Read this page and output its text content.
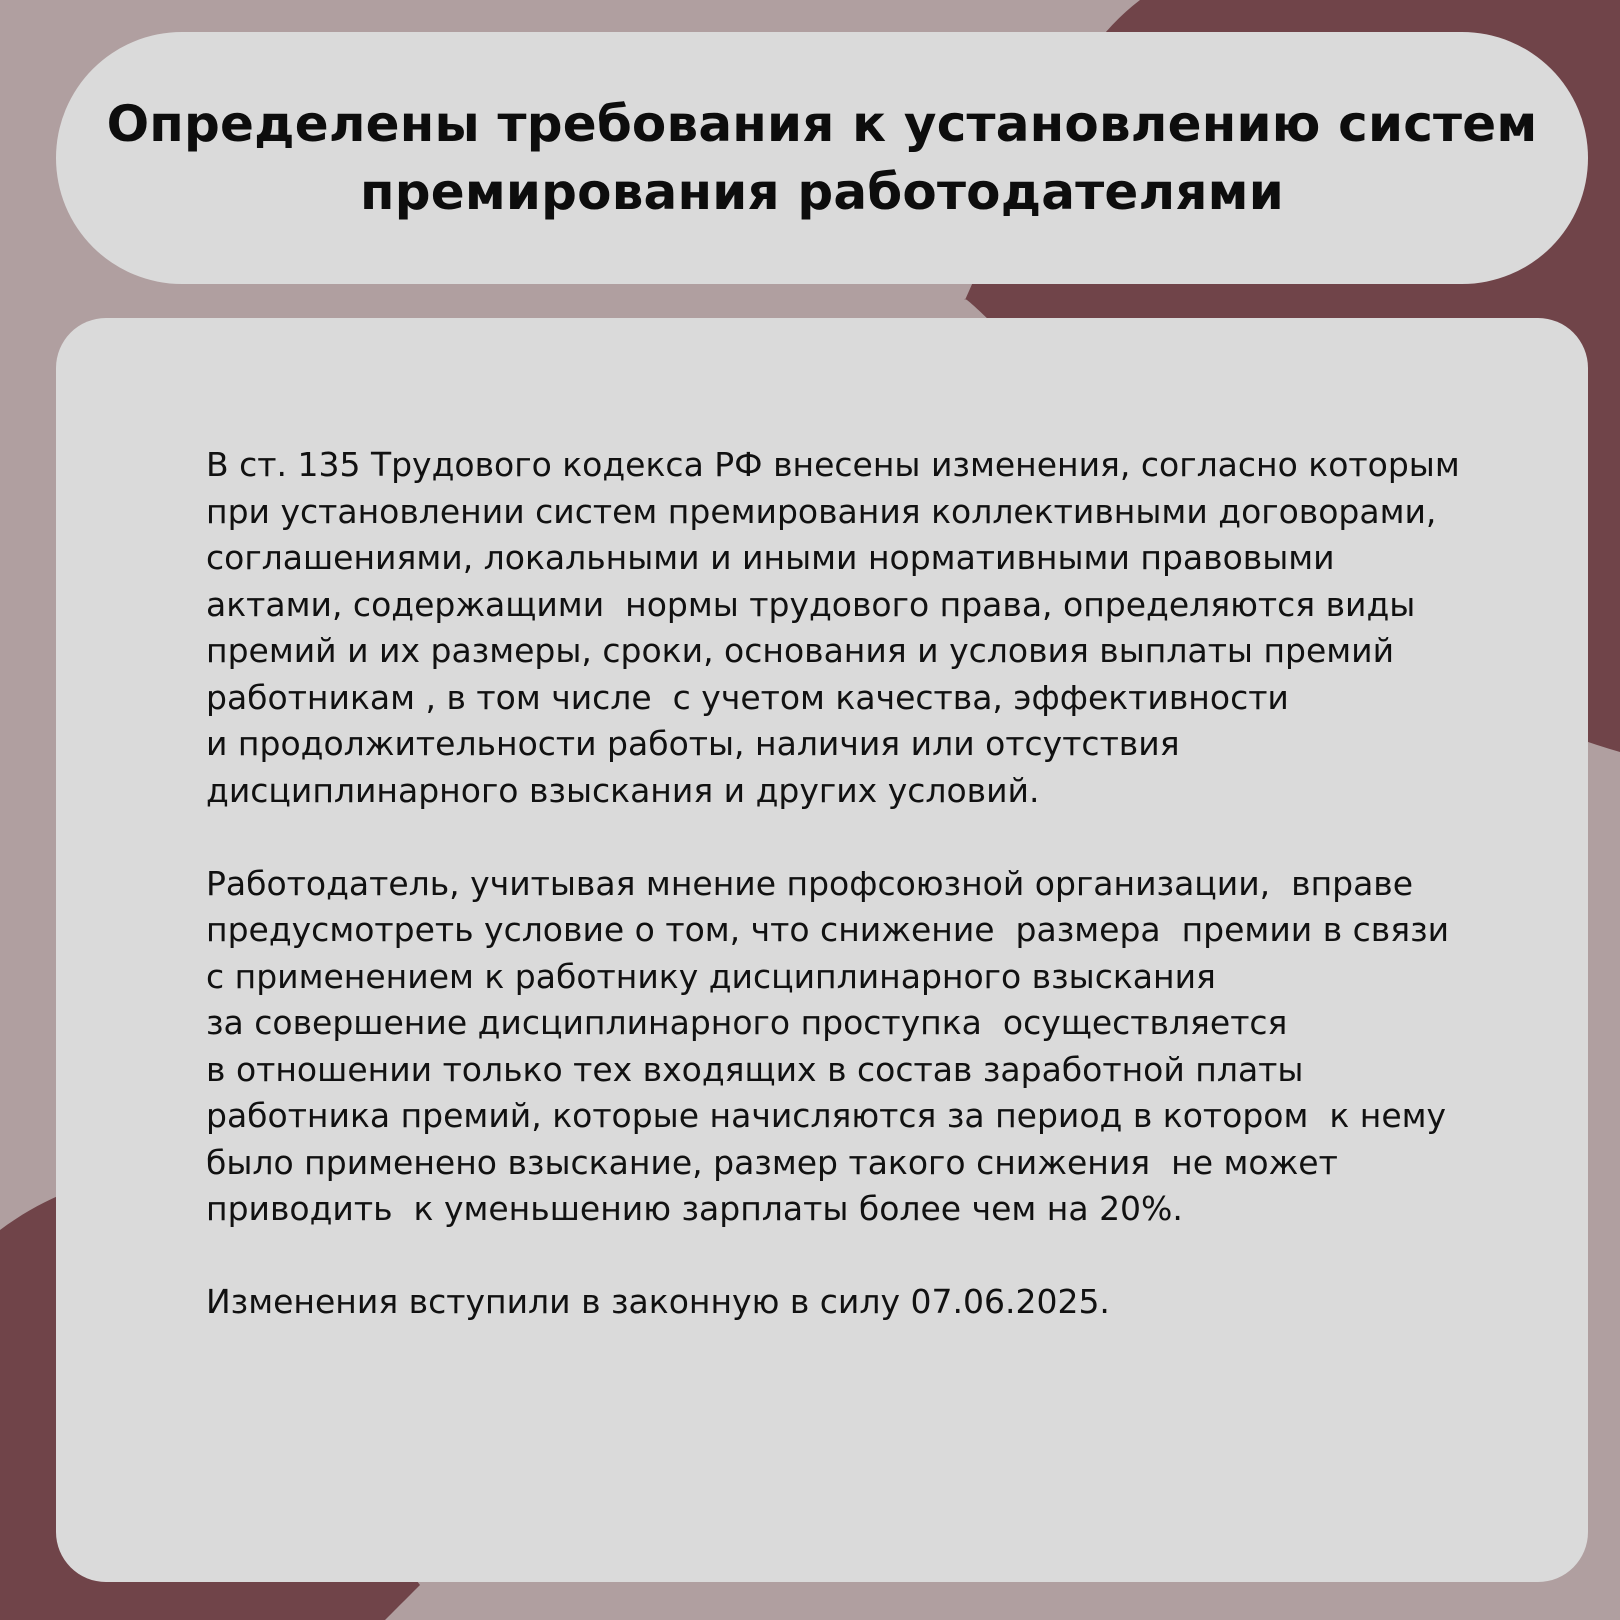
Определены требования к установлению систем
премирования работодателями

В ст. 135 Трудового кодекса РФ внесены изменения, согласно которым
при установлении систем премирования коллективными договорами,
соглашениями, локальными и иными нормативными правовыми
актами, содержащими  нормы трудового права, определяются виды
премий и их размеры, сроки, основания и условия выплаты премий
работникам , в том числе  с учетом качества, эффективности
и продолжительности работы, наличия или отсутствия
дисциплинарного взыскания и других условий.

Работодатель, учитывая мнение профсоюзной организации,  вправе
предусмотреть условие о том, что снижение  размера  премии в связи
с применением к работнику дисциплинарного взыскания
за совершение дисциплинарного проступка  осуществляется
в отношении только тех входящих в состав заработной платы
работника премий, которые начисляются за период в котором  к нему
было применено взыскание, размер такого снижения  не может
приводить  к уменьшению зарплаты более чем на 20%.

Изменения вступили в законную в силу 07.06.2025.
